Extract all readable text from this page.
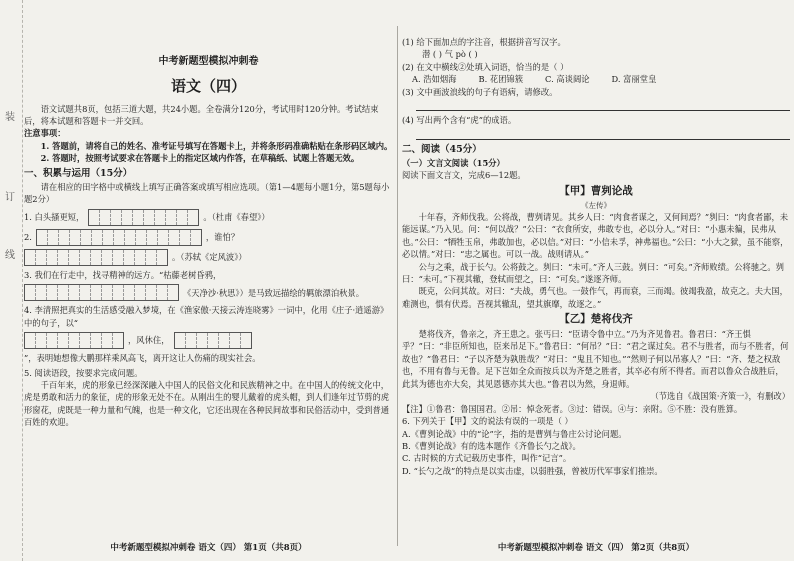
装
订
线
中考新题型模拟冲刺卷
语文（四）

语文试题共8页，包括三道大题，共24小题。全卷满分120分，考试用时120分钟。考试结束后，将本试题和答题卡一并交回。

注意事项：

1. 答题前，请将自己的姓名、准考证号填写在答题卡上，并将条形码准确粘贴在条形码区域内。

2. 答题时，按照考试要求在答题卡上的指定区域内作答，在草稿纸、试题上答题无效。

一、积累与运用（15分）

请在相应的田字格中或横线上填写正确答案或填写相应选项。（第1—4题每小题1分，第5题每小题2分）

1. 白头搔更短，	。（杜甫《春望》）
2.	，谁怕？
。（苏轼《定风波》）

3. 我们在行走中，找寻精神的远方。“枯藤老树昏鸦，

《天净沙·秋思》）是马致远描绘的羁旅漂泊秋景。

4. 李清照把真实的生活感受融入梦境，在《渔家傲·天接云涛连晓雾》一词中，化用《庄子·逍遥游》中的句子，以“

，风休住，

”，表明她想像大鹏那样乘风高飞，离开这让人伤痛的现实社会。

5. 阅读语段，按要求完成问题。

千百年来，虎的形象已经深深融入中国人的民俗文化和民族精神之中。在中国人的传统文化中，虎是勇敢和活力的象征，虎的形象无处不在。从刚出生的婴儿戴着的虎头帽，到人们逢年过节剪的虎形窗花，虎既是一种力量和气魄，也是一种文化，它还出现在各种民间故事和民俗活动中，受到普通百姓的欢迎。

中考新题型模拟冲刺卷 语文（四） 第1页（共8页）

(1) 给下面加点的字注音，根据拼音写汉字。

潜 ( ) 气 pò ( )

(2) 在文中横线②处填入词语，恰当的是（ ）

A. 浩如烟海	B. 花团锦簇	C. 高谈阔论	D. 富丽堂皇

(3) 文中画波浪线的句子有语病，请修改。

(4) 写出两个含有“虎”的成语。

二、阅读（45分）

（一）文言文阅读（15分）

阅读下面文言文，完成6—12题。

【甲】曹刿论战
《左传》

十年春，齐师伐我。公将战，曹刿请见。其乡人曰：“肉食者谋之，又何间焉？”刿曰：“肉食者鄙，未能远谋。”乃入见。问：“何以战？”公曰：“衣食所安，弗敢专也，必以分人。”对曰：“小惠未徧，民弗从也。”公曰：“牺牲玉帛，弗敢加也，必以信。”对曰：“小信未孚，神弗福也。”公曰：“小大之狱，虽不能察，必以情。”对曰：“忠之属也。可以一战。战则请从。”

公与之乘，战于长勺。公将鼓之。刿曰：“未可。”齐人三鼓。刿曰：“可矣。”齐师败绩。公将驰之。刿曰：“未可。”下视其辙，登轼而望之，曰：“可矣。”遂逐齐师。

既克，公问其故。对曰：“夫战，勇气也。一鼓作气，再而衰，三而竭。彼竭我盈，故克之。夫大国，难测也，惧有伏焉。吾视其辙乱，望其旗靡，故逐之。”

【乙】楚将伐齐

楚将伐齐，鲁亲之，齐王患之。张丐曰：“臣请令鲁中立。”乃为齐见鲁君。鲁君曰：“齐王惧乎？”曰：“非臣所知也，臣来吊足下。”鲁君曰：“何吊？”曰：“君之谋过矣。君不与胜者，而与不胜者，何故也？”鲁君曰：“子以齐楚为孰胜哉？”对曰：“鬼且不知也。”“然则子何以吊寡人？”曰：“齐、楚之权敌也，不用有鲁与无鲁。足下岂如全众而按兵以为齐楚之胜者，其卒必有所不得者。而君以鲁众合战胜后，此其为德也亦大矣，其见恩德亦其大也。”鲁君以为然，身退师。

（节选自《战国策·齐策一》，有删改）

【注】①鲁君：鲁国国君。②吊：悼念死者。③过：错误。④与：亲附。⑤不胜：没有胜算。

6. 下列关于【甲】文的说法有误的一项是（ ）

A.《曹刿论战》中的“论”字，指的是曹刿与鲁庄公讨论问题。

B.《曹刿论战》有的选本题作《齐鲁长勺之战》。

C. 古时候的方式记载历史事件，叫作“记言”。

D. “长勺之战”的特点是以实击虚，以弱胜强，曾被历代军事家们推崇。

中考新题型模拟冲刺卷 语文（四） 第2页（共8页）
